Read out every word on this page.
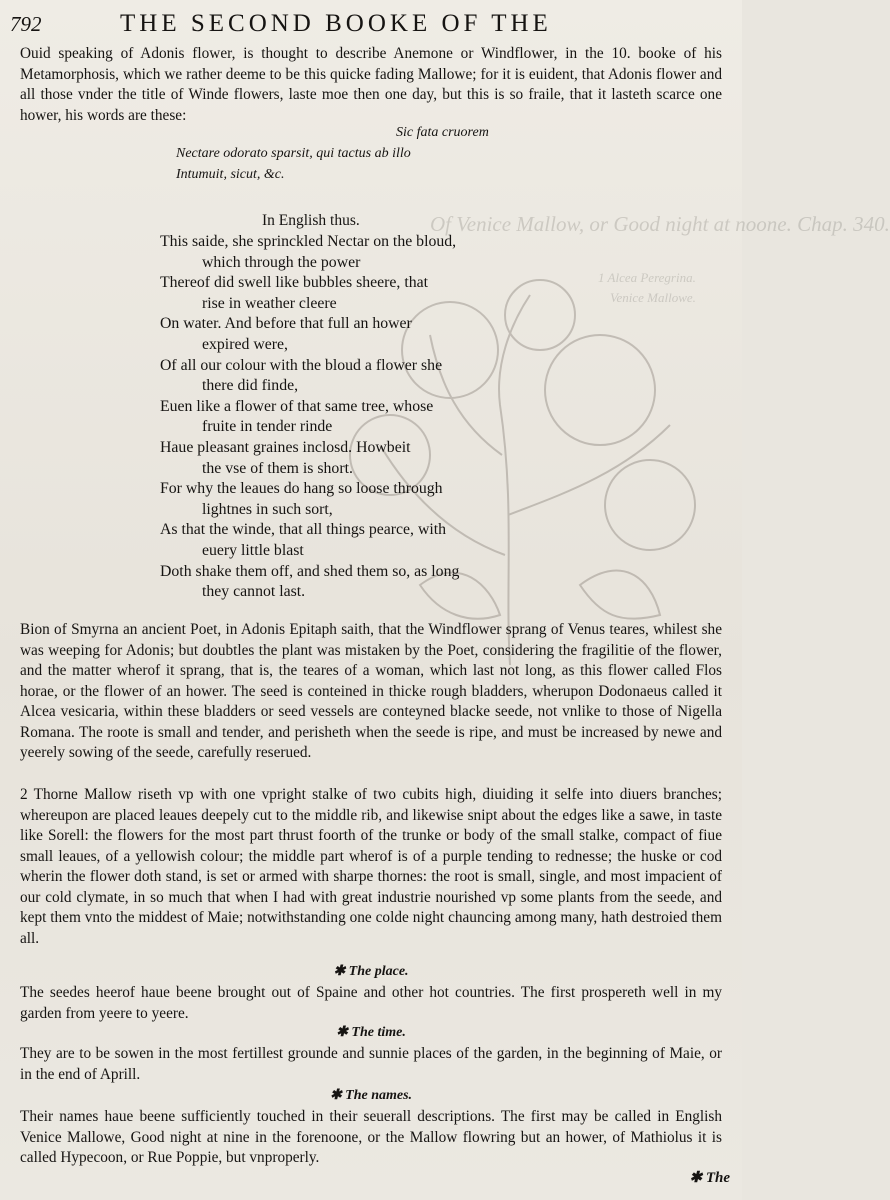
Of Venice Mallow, or Good night at noone. Chap. 340.
1 Alcea Peregrina.
Venice Mallowe.
792	THE SECOND BOOKE OF THE

Ouid speaking of Adonis flower, is thought to describe Anemone or Windflower, in the 10. booke of his Metamorphosis, which we rather deeme to be this quicke fading Mallowe; for it is euident, that Adonis flower and all those vnder the title of Winde flowers, laste moe then one day, but this is so fraile, that it lasteth scarce one hower, his words are these:

Sic fata cruorem
Nectare odorato sparsit, qui tactus ab illo
Intumuit, sicut, &c.
In English thus.
This saide, she sprinckled Nectar on the bloud,
which through the power
Thereof did swell like bubbles sheere, that
rise in weather cleere
On water. And before that full an hower
expired were,
Of all our colour with the bloud a flower she
there did finde,
Euen like a flower of that same tree, whose
fruite in tender rinde
Haue pleasant graines inclosd. Howbeit
the vse of them is short.
For why the leaues do hang so loose through
lightnes in such sort,
As that the winde, that all things pearce, with
euery little blast
Doth shake them off, and shed them so, as long
they cannot last.

Bion of Smyrna an ancient Poet, in Adonis Epitaph saith, that the Windflower sprang of Venus teares, whilest she was weeping for Adonis; but doubtles the plant was mistaken by the Poet, considering the fragilitie of the flower, and the matter wherof it sprang, that is, the teares of a woman, which last not long, as this flower called Flos horae, or the flower of an hower. The seed is conteined in thicke rough bladders, wherupon Dodonaeus called it Alcea vesicaria, within these bladders or seed vessels are conteyned blacke seede, not vnlike to those of Nigella Romana. The roote is small and tender, and perisheth when the seede is ripe, and must be increased by newe and yeerely sowing of the seede, carefully reserued.

2 Thorne Mallow riseth vp with one vpright stalke of two cubits high, diuiding it selfe into diuers branches; whereupon are placed leaues deepely cut to the middle rib, and likewise snipt about the edges like a sawe, in taste like Sorell: the flowers for the most part thrust foorth of the trunke or body of the small stalke, compact of fiue small leaues, of a yellowish colour; the middle part wherof is of a purple tending to rednesse; the huske or cod wherin the flower doth stand, is set or armed with sharpe thornes: the root is small, single, and most impacient of our cold clymate, in so much that when I had with great industrie nourished vp some plants from the seede, and kept them vnto the middest of Maie; notwithstanding one colde night chauncing among many, hath destroied them all.

✱ The place.

The seedes heerof haue beene brought out of Spaine and other hot countries. The first prospereth well in my garden from yeere to yeere.

✱ The time.

They are to be sowen in the most fertillest grounde and sunnie places of the garden, in the beginning of Maie, or in the end of Aprill.

✱ The names.

Their names haue beene sufficiently touched in their seuerall descriptions. The first may be called in English Venice Mallowe, Good night at nine in the forenoone, or the Mallow flowring but an hower, of Mathiolus it is called Hypecoon, or Rue Poppie, but vnproperly.

✱ The
